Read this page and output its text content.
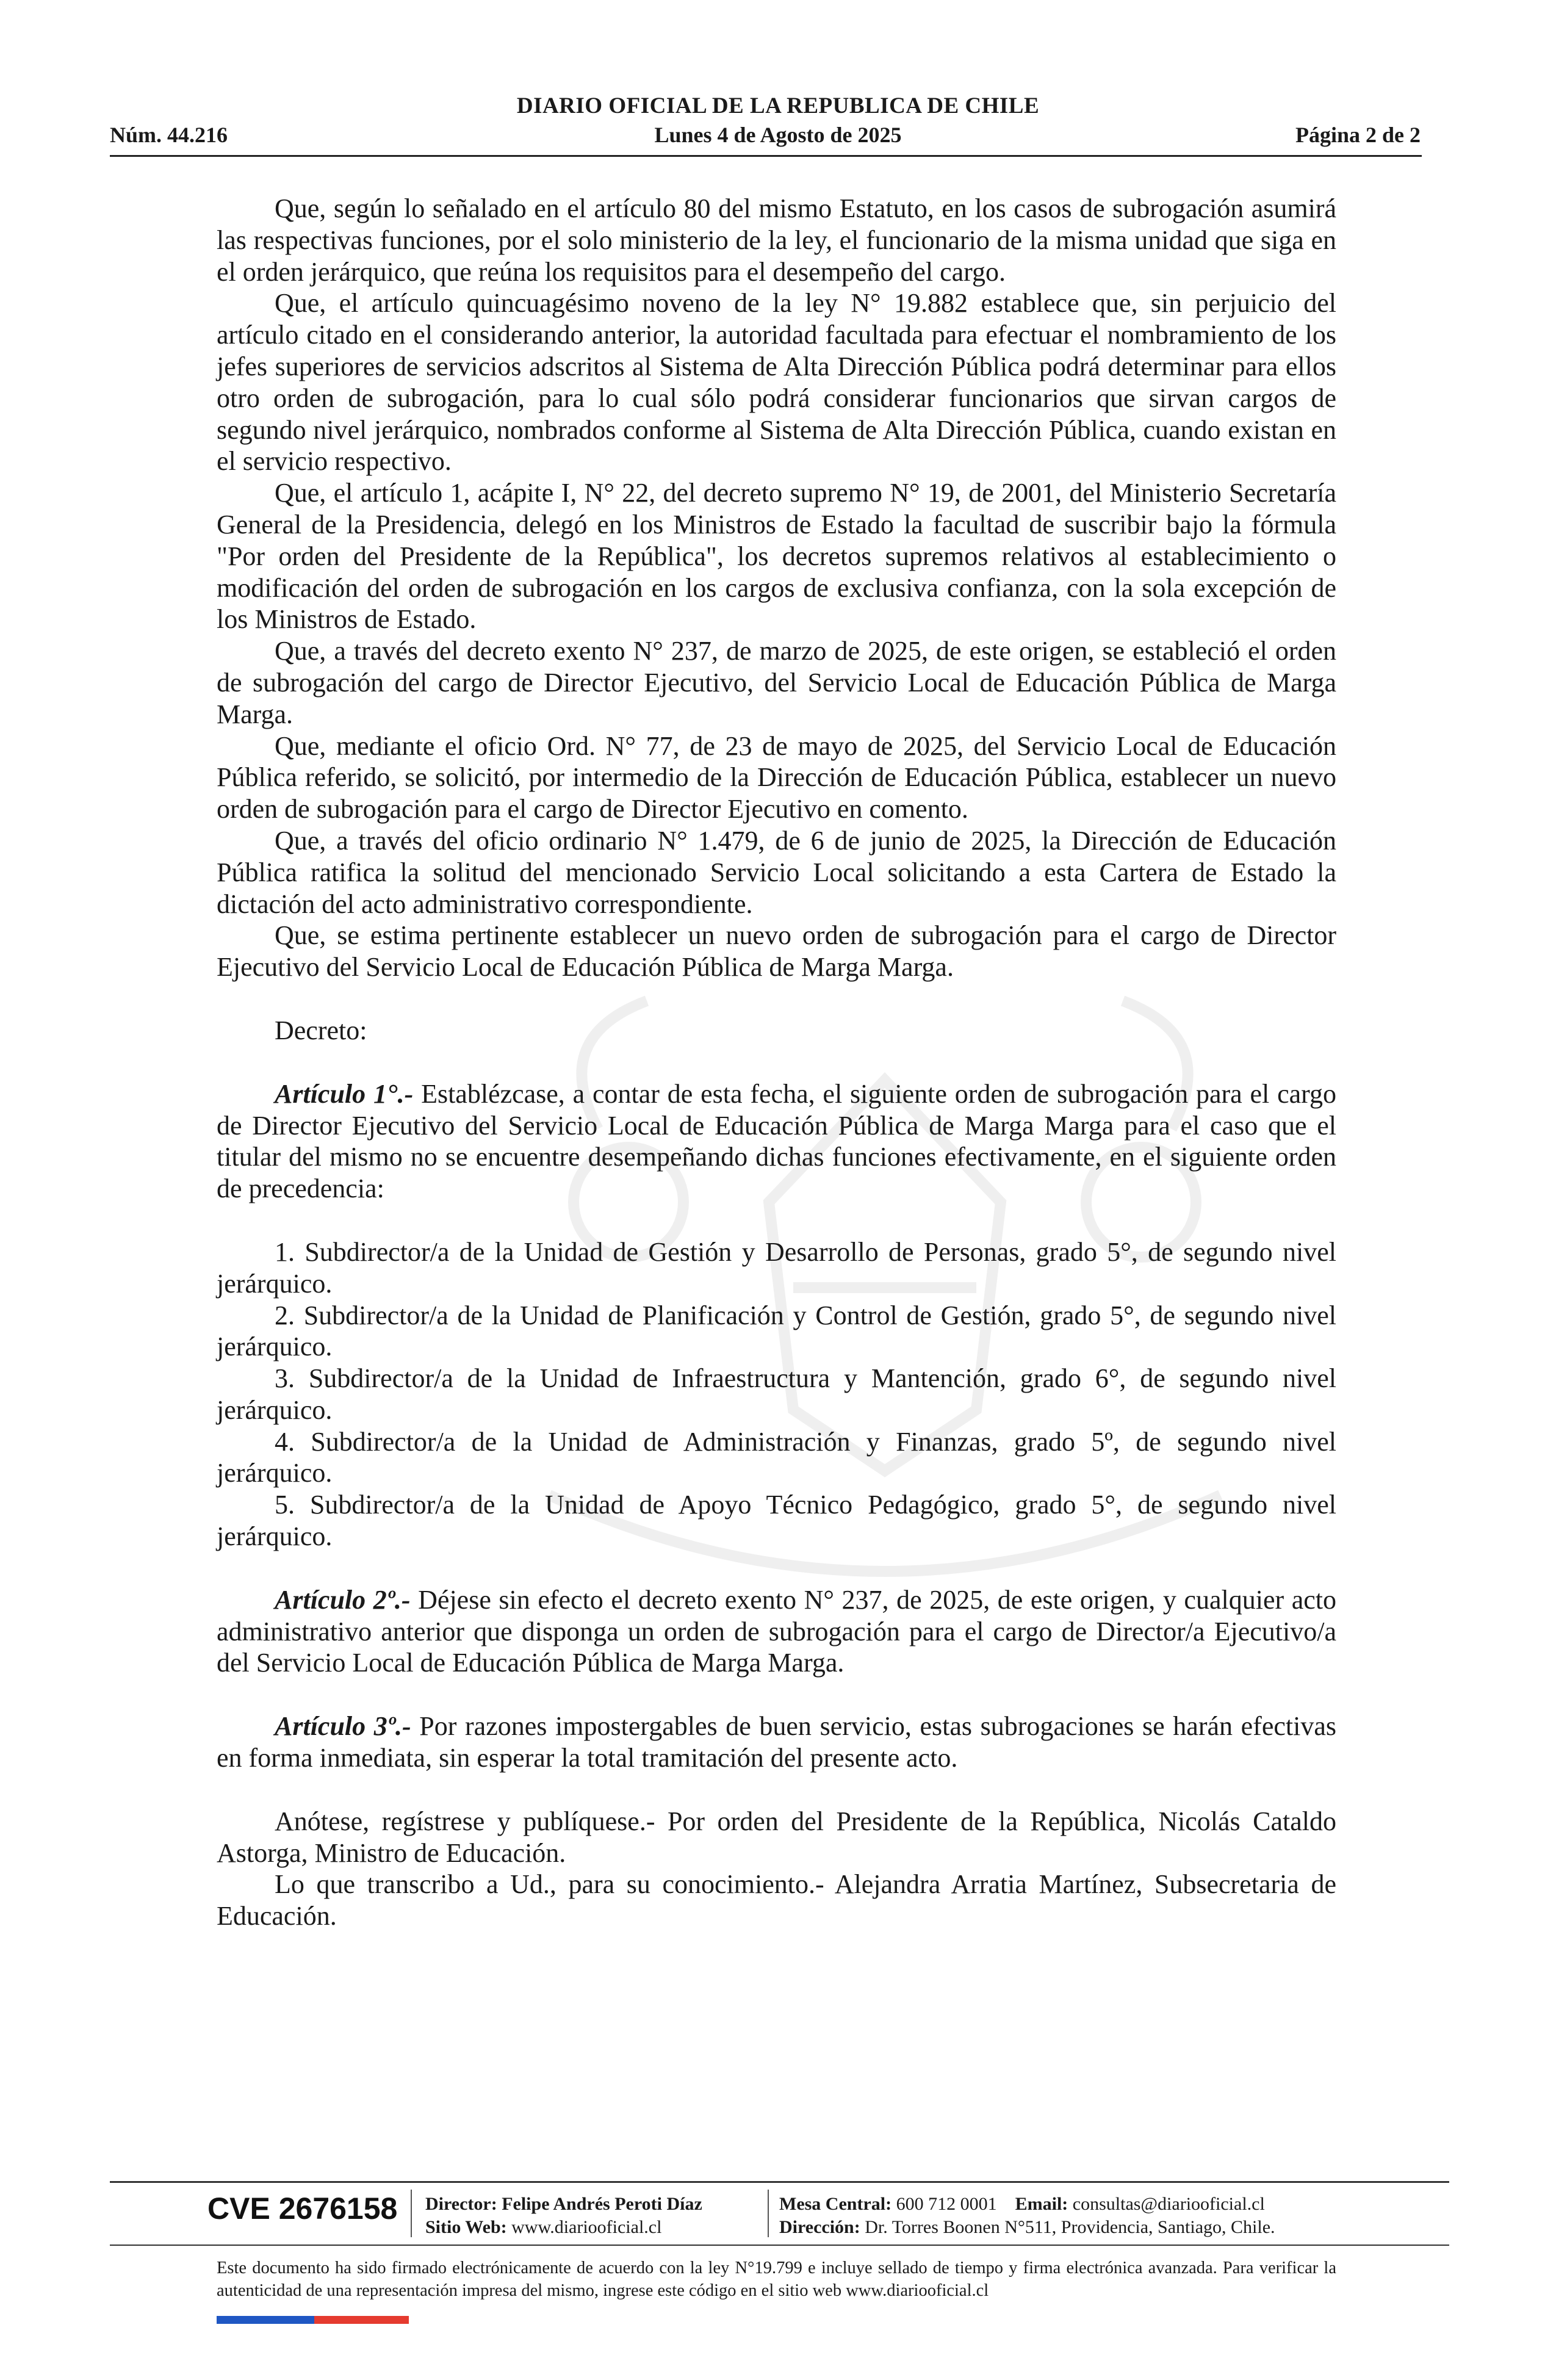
DIARIO OFICIAL DE LA REPUBLICA DE CHILE
Núm. 44.216	Lunes 4 de Agosto de 2025	Página 2 de 2

Que, según lo señalado en el artículo 80 del mismo Estatuto, en los casos de subrogación asumirá las respectivas funciones, por el solo ministerio de la ley, el funcionario de la misma unidad que siga en el orden jerárquico, que reúna los requisitos para el desempeño del cargo.

Que, el artículo quincuagésimo noveno de la ley N° 19.882 establece que, sin perjuicio del artículo citado en el considerando anterior, la autoridad facultada para efectuar el nombramiento de los jefes superiores de servicios adscritos al Sistema de Alta Dirección Pública podrá determinar para ellos otro orden de subrogación, para lo cual sólo podrá considerar funcionarios que sirvan cargos de segundo nivel jerárquico, nombrados conforme al Sistema de Alta Dirección Pública, cuando existan en el servicio respectivo.

Que, el artículo 1, acápite I, N° 22, del decreto supremo N° 19, de 2001, del Ministerio Secretaría General de la Presidencia, delegó en los Ministros de Estado la facultad de suscribir bajo la fórmula "Por orden del Presidente de la República", los decretos supremos relativos al establecimiento o modificación del orden de subrogación en los cargos de exclusiva confianza, con la sola excepción de los Ministros de Estado.

Que, a través del decreto exento N° 237, de marzo de 2025, de este origen, se estableció el orden de subrogación del cargo de Director Ejecutivo, del Servicio Local de Educación Pública de Marga Marga.

Que, mediante el oficio Ord. N° 77, de 23 de mayo de 2025, del Servicio Local de Educación Pública referido, se solicitó, por intermedio de la Dirección de Educación Pública, establecer un nuevo orden de subrogación para el cargo de Director Ejecutivo en comento.

Que, a través del oficio ordinario N° 1.479, de 6 de junio de 2025, la Dirección de Educación Pública ratifica la solitud del mencionado Servicio Local solicitando a esta Cartera de Estado la dictación del acto administrativo correspondiente.

Que, se estima pertinente establecer un nuevo orden de subrogación para el cargo de Director Ejecutivo del Servicio Local de Educación Pública de Marga Marga.

Decreto:

Artículo 1°.- Establézcase, a contar de esta fecha, el siguiente orden de subrogación para el cargo de Director Ejecutivo del Servicio Local de Educación Pública de Marga Marga para el caso que el titular del mismo no se encuentre desempeñando dichas funciones efectivamente, en el siguiente orden de precedencia:

1. Subdirector/a de la Unidad de Gestión y Desarrollo de Personas, grado 5°, de segundo nivel jerárquico.

2. Subdirector/a de la Unidad de Planificación y Control de Gestión, grado 5°, de segundo nivel jerárquico.

3. Subdirector/a de la Unidad de Infraestructura y Mantención, grado 6°, de segundo nivel jerárquico.

4. Subdirector/a de la Unidad de Administración y Finanzas, grado 5º, de segundo nivel jerárquico.

5. Subdirector/a de la Unidad de Apoyo Técnico Pedagógico, grado 5°, de segundo nivel jerárquico.

Artículo 2º.- Déjese sin efecto el decreto exento N° 237, de 2025, de este origen, y cualquier acto administrativo anterior que disponga un orden de subrogación para el cargo de Director/a Ejecutivo/a del Servicio Local de Educación Pública de Marga Marga.

Artículo 3º.- Por razones impostergables de buen servicio, estas subrogaciones se harán efectivas en forma inmediata, sin esperar la total tramitación del presente acto.

Anótese, regístrese y publíquese.- Por orden del Presidente de la República, Nicolás Cataldo Astorga, Ministro de Educación.

Lo que transcribo a Ud., para su conocimiento.- Alejandra Arratia Martínez, Subsecretaria de Educación.

CVE 2676158 Director: Felipe Andrés Peroti Díaz
Sitio Web: www.diariooficial.cl
Mesa Central: 600 712 0001 Email: consultas@diariooficial.cl
Dirección: Dr. Torres Boonen N°511, Providencia, Santiago, Chile.
Este documento ha sido firmado electrónicamente de acuerdo con la ley N°19.799 e incluye sellado de tiempo y firma electrónica avanzada. Para verificar la autenticidad de una representación impresa del mismo, ingrese este código en el sitio web www.diariooficial.cl
